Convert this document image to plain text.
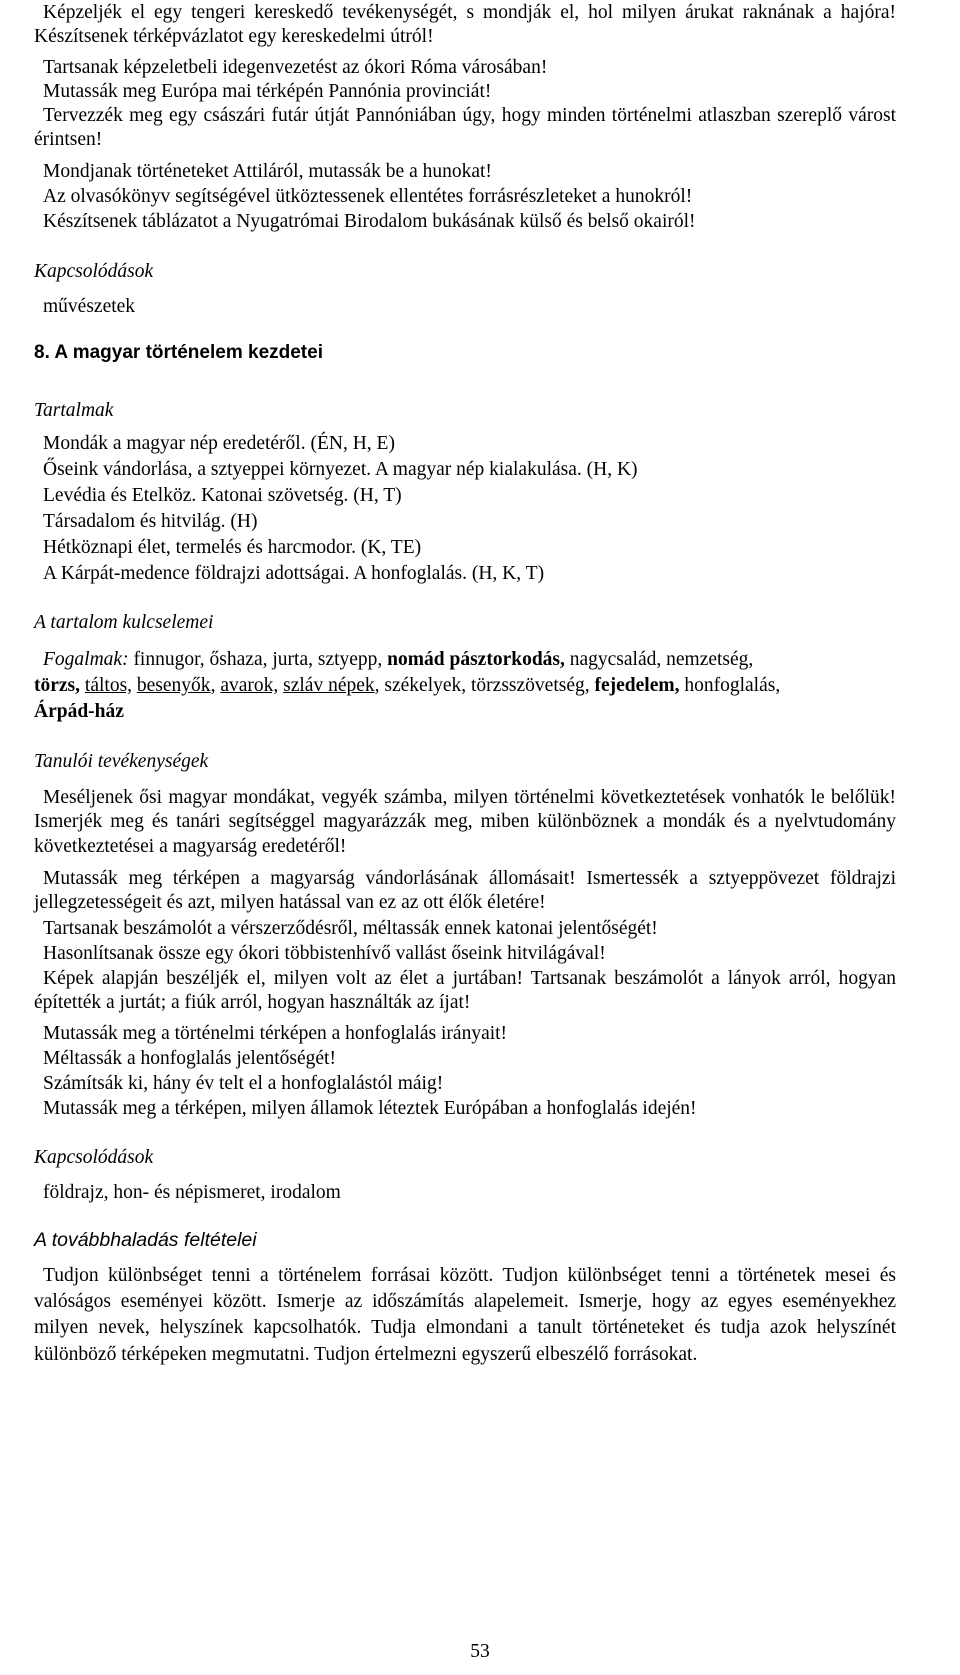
Képzeljék el egy tengeri kereskedő tevékenységét, s mondják el, hol milyen árukat raknának a hajóra! Készítsenek térképvázlatot egy kereskedelmi útról!

Tartsanak képzeletbeli idegenvezetést az ókori Róma városában!

Mutassák meg Európa mai térképén Pannónia provinciát!

Tervezzék meg egy császári futár útját Pannóniában úgy, hogy minden történelmi atlaszban szereplő várost érintsen!

Mondjanak történeteket Attiláról, mutassák be a hunokat!

Az olvasókönyv segítségével ütköztessenek ellentétes forrásrészleteket a hunokról!

Készítsenek táblázatot a Nyugatrómai Birodalom bukásának külső és belső okairól!

Kapcsolódások

művészetek

8. A magyar történelem kezdetei

Tartalmak

Mondák a magyar nép eredetéről. (ÉN, H, E)

Őseink vándorlása, a sztyeppei környezet. A magyar nép kialakulása. (H, K)

Levédia és Etelköz. Katonai szövetség. (H, T)

Társadalom és hitvilág. (H)

Hétköznapi élet, termelés és harcmodor. (K, TE)

A Kárpát-medence földrajzi adottságai. A honfoglalás. (H, K, T)

A tartalom kulcselemei

Fogalmak: finnugor, őshaza, jurta, sztyepp, nomád pásztorkodás, nagycsalád, nemzetség,

törzs, táltos, besenyők, avarok, szláv népek, székelyek, törzsszövetség, fejedelem, honfoglalás,

Árpád-ház

Tanulói tevékenységek

Meséljenek ősi magyar mondákat, vegyék számba, milyen történelmi következtetések vonhatók le belőlük! Ismerjék meg és tanári segítséggel magyarázzák meg, miben különböznek a mondák és a nyelvtudomány következtetései a magyarság eredetéről!

Mutassák meg térképen a magyarság vándorlásának állomásait! Ismertessék a sztyeppövezet földrajzi jellegzetességeit és azt, milyen hatással van ez az ott élők életére!

Tartsanak beszámolót a vérszerződésről, méltassák ennek katonai jelentőségét!

Hasonlítsanak össze egy ókori többistenhívő vallást őseink hitvilágával!

Képek alapján beszéljék el, milyen volt az élet a jurtában! Tartsanak beszámolót a lányok arról, hogyan építették a jurtát; a fiúk arról, hogyan használták az íjat!

Mutassák meg a történelmi térképen a honfoglalás irányait!

Méltassák a honfoglalás jelentőségét!

Számítsák ki, hány év telt el a honfoglalástól máig!

Mutassák meg a térképen, milyen államok léteztek Európában a honfoglalás idején!

Kapcsolódások

földrajz, hon- és népismeret, irodalom

A továbbhaladás feltételei

Tudjon különbséget tenni a történelem forrásai között. Tudjon különbséget tenni a történetek mesei és valóságos eseményei között. Ismerje az időszámítás alapelemeit. Ismerje, hogy az egyes eseményekhez milyen nevek, helyszínek kapcsolhatók. Tudja elmondani a tanult történeteket és tudja azok helyszínét különböző térképeken megmutatni. Tudjon értelmezni egyszerű elbeszélő forrásokat.

53
